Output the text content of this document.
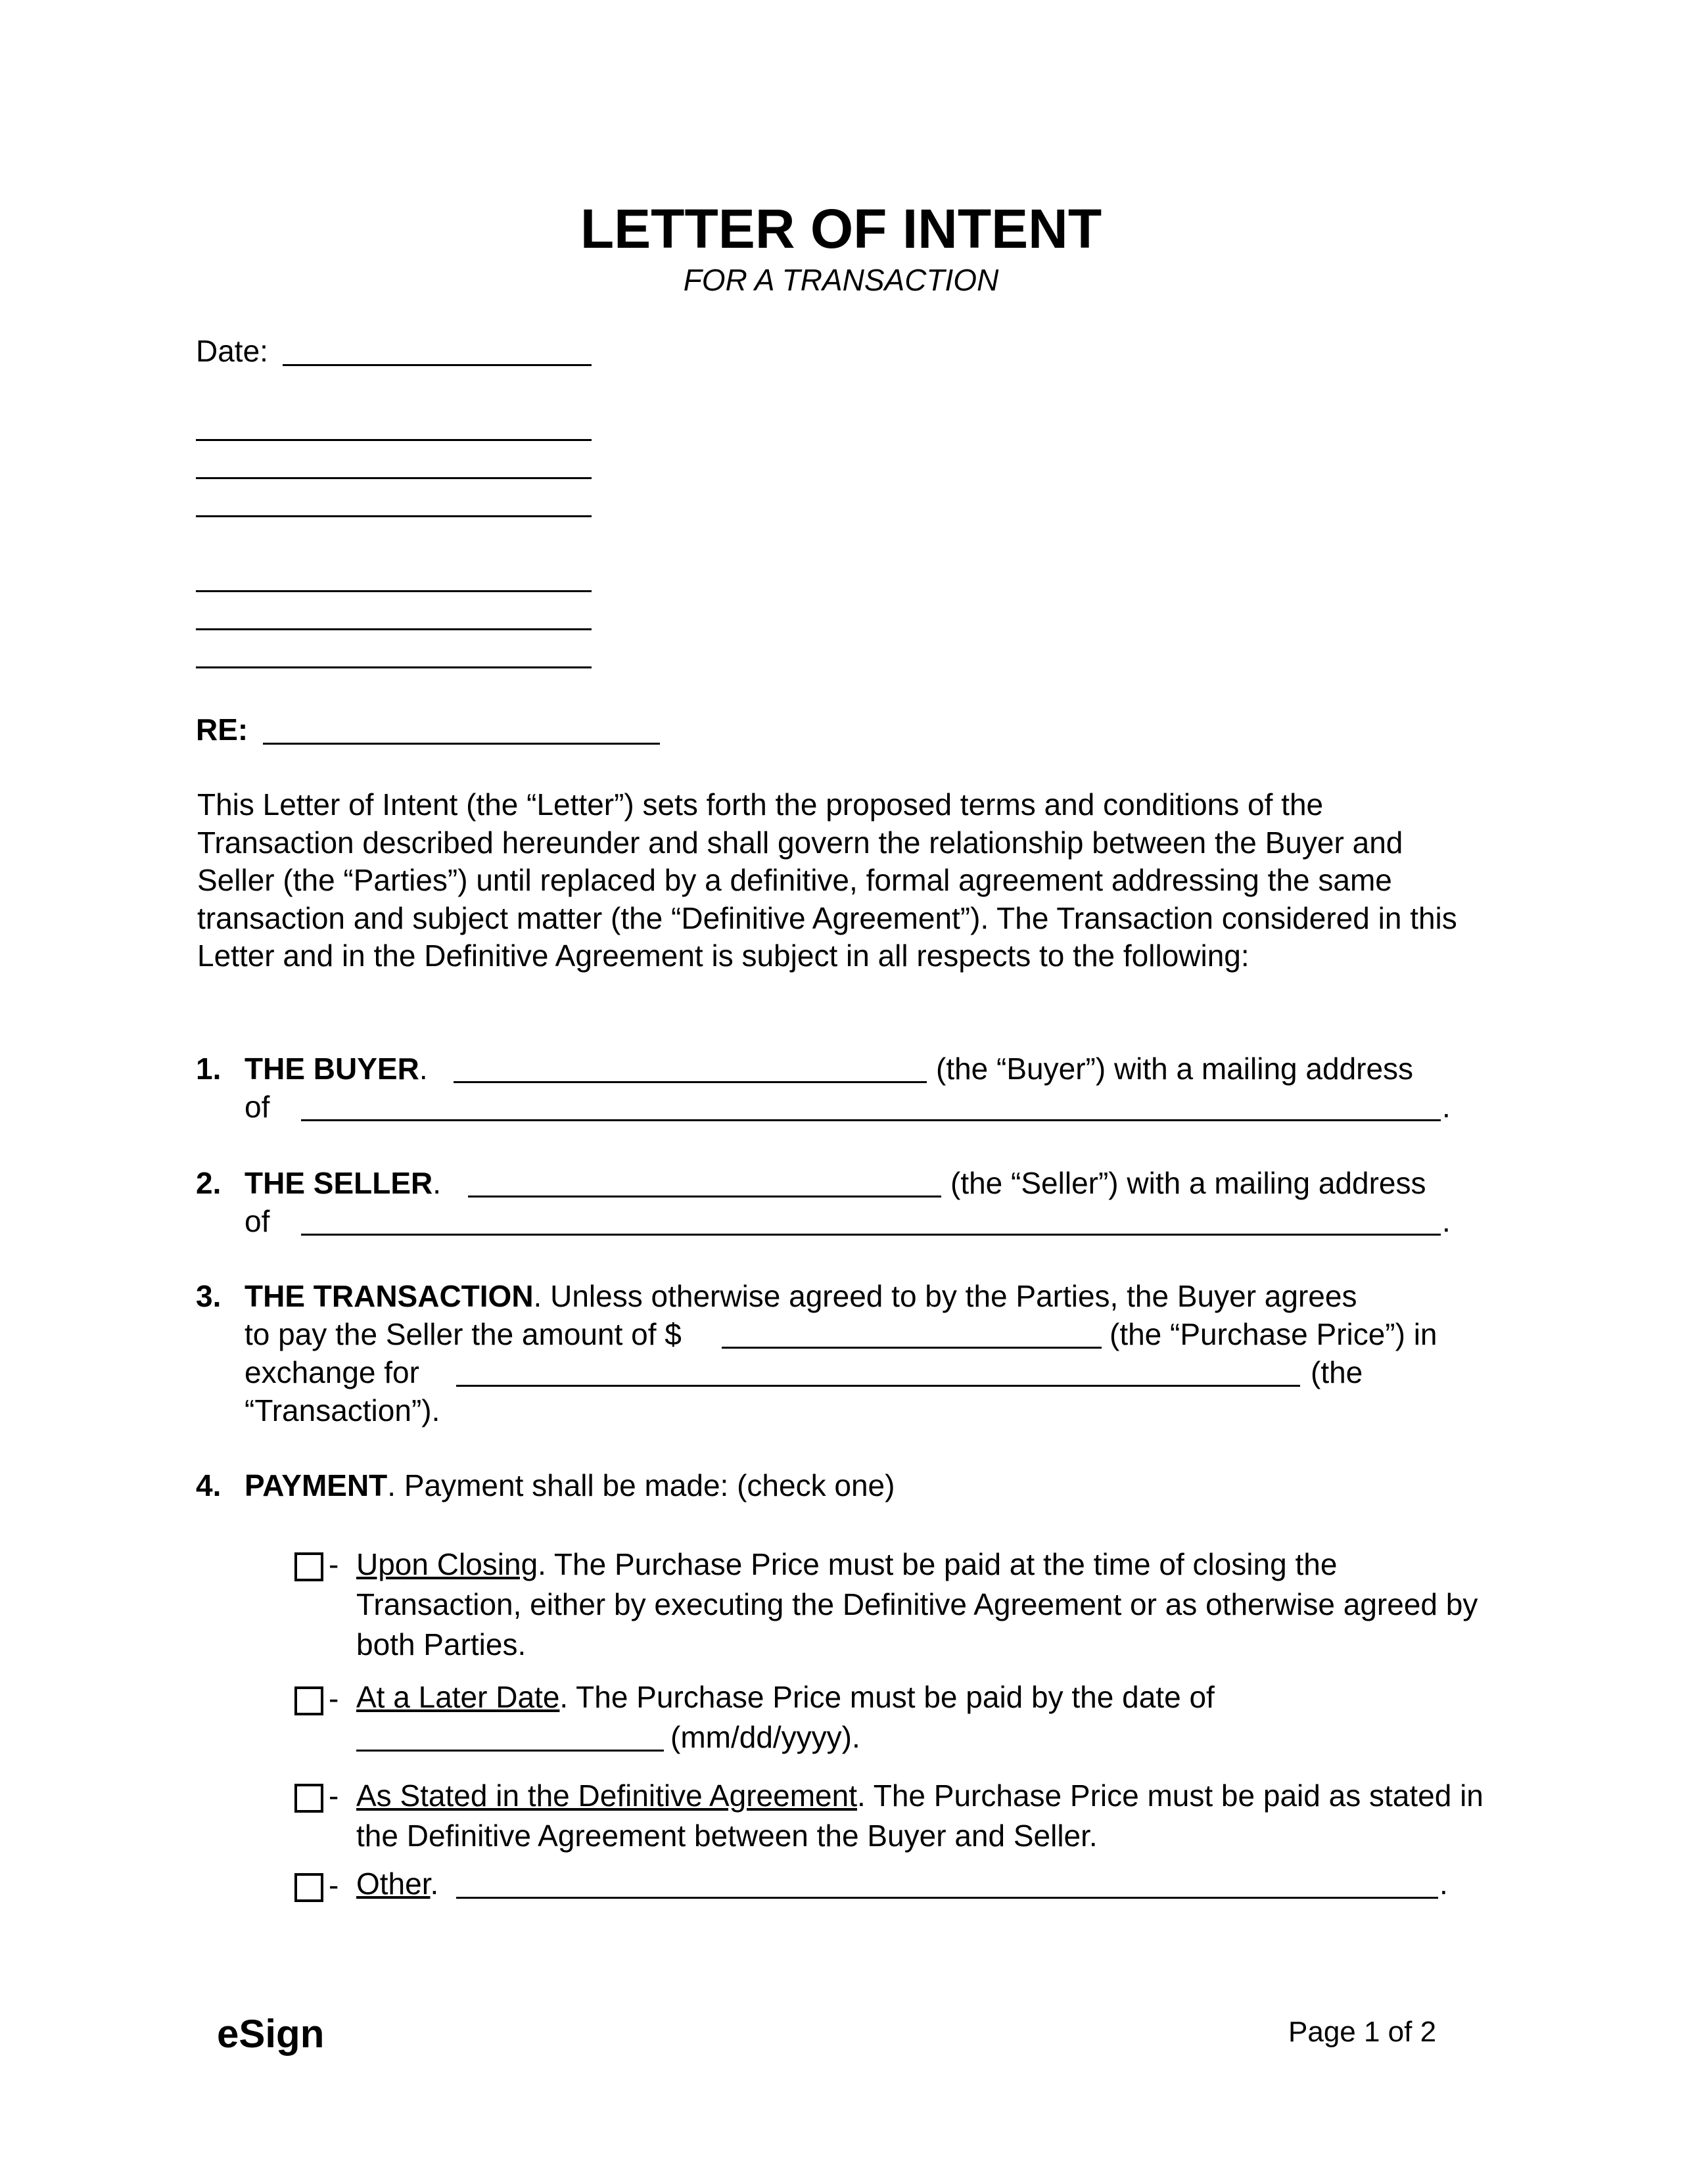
LETTER OF INTENT
FOR A TRANSACTION
Date:
RE:
This Letter of Intent (the “Letter”) sets forth the proposed terms and conditions of the Transaction described hereunder and shall govern the relationship between the Buyer and Seller (the “Parties”) until replaced by a definitive, formal agreement addressing the same transaction and subject matter (the “Definitive Agreement”). The Transaction considered in this Letter and in the Definitive Agreement is subject in all respects to the following:
1. THE BUYER.	(the “Buyer”) with a mailing address
of	.
2. THE SELLER.	(the “Seller”) with a mailing address
of	.
3. THE TRANSACTION. Unless otherwise agreed to by the Parties, the Buyer agrees
to pay the Seller the amount of $	(the “Purchase Price”) in
exchange for	(the
“Transaction”).
4. PAYMENT. Payment shall be made: (check one)
- Upon Closing. The Purchase Price must be paid at the time of closing the Transaction, either by executing the Definitive Agreement or as otherwise agreed by both Parties.
- At a Later Date. The Purchase Price must be paid by the date of
(mm/dd/yyyy).
- As Stated in the Definitive Agreement. The Purchase Price must be paid as stated in the Definitive Agreement between the Buyer and Seller.
- Other.	.
eSign	Page 1 of 2
